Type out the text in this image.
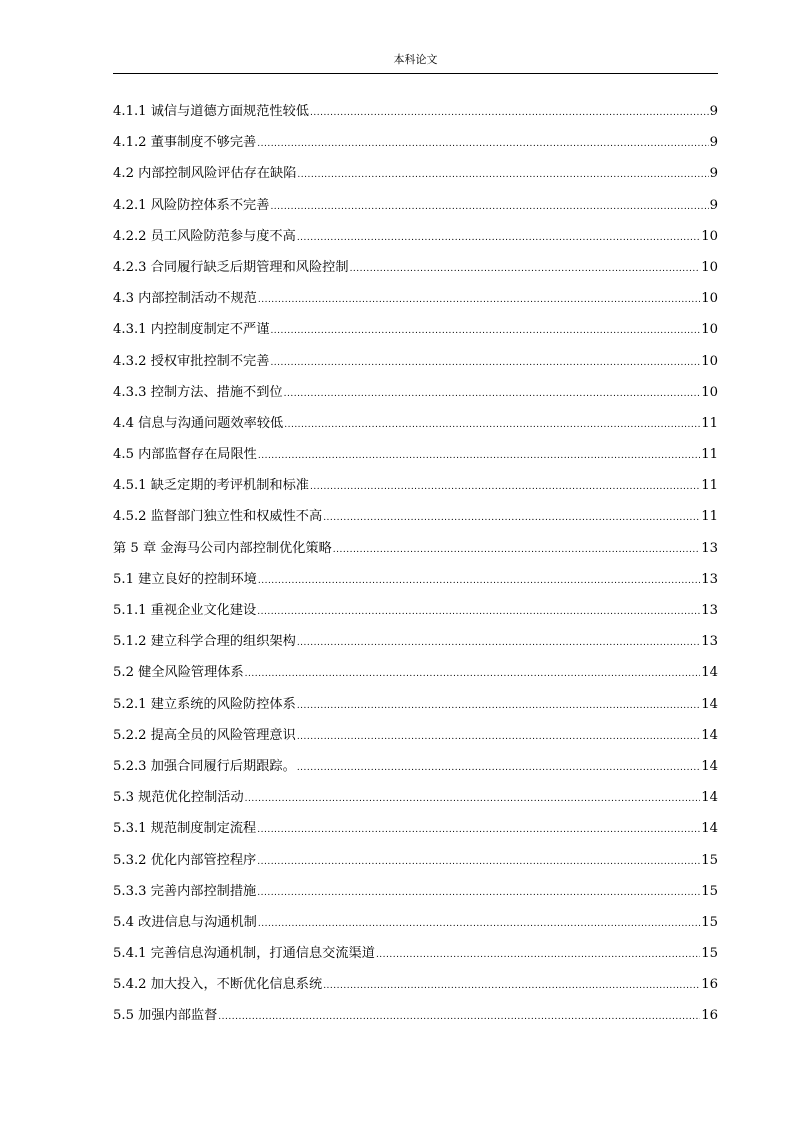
本科论文
4.1.1 诚信与道德方面规范性较低 .....	9
4.1.2 董事制度不够完善 .....	9
4.2 内部控制风险评估存在缺陷 .....	9
4.2.1 风险防控体系不完善 .....	9
4.2.2 员工风险防范参与度不高 .....	10
4.2.3 合同履行缺乏后期管理和风险控制 .....	10
4.3 内部控制活动不规范 .....	10
4.3.1 内控制度制定不严谨 .....	10
4.3.2 授权审批控制不完善 .....	10
4.3.3 控制方法、措施不到位 .....	10
4.4 信息与沟通问题效率较低 .....	11
4.5 内部监督存在局限性 .....	11
4.5.1 缺乏定期的考评机制和标准 .....	11
4.5.2 监督部门独立性和权威性不高 .....	11
第 5 章 金海马公司内部控制优化策略 .....	13
5.1 建立良好的控制环境 .....	13
5.1.1 重视企业文化建设 .....	13
5.1.2 建立科学合理的组织架构 .....	13
5.2 健全风险管理体系 .....	14
5.2.1 建立系统的风险防控体系 .....	14
5.2.2 提高全员的风险管理意识 .....	14
5.2.3 加强合同履行后期跟踪。 .....	14
5.3 规范优化控制活动 .....	14
5.3.1 规范制度制定流程 .....	14
5.3.2 优化内部管控程序 .....	15
5.3.3 完善内部控制措施 .....	15
5.4 改进信息与沟通机制 .....	15
5.4.1 完善信息沟通机制，打通信息交流渠道 .....	15
5.4.2 加大投入，不断优化信息系统 .....	16
5.5 加强内部监督 .....	16
